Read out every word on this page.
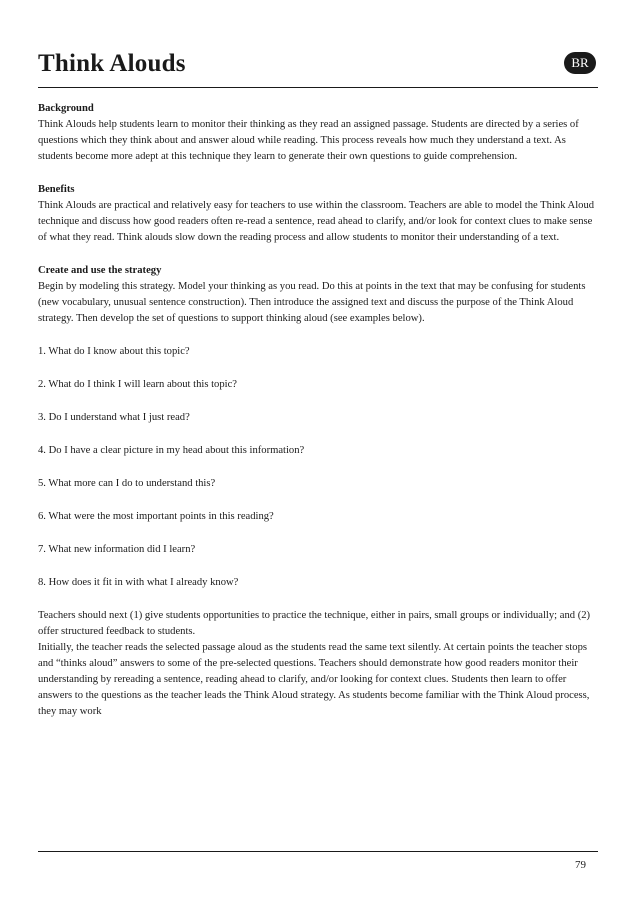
Think Alouds	BR

Background
Think Alouds help students learn to monitor their thinking as they read an assigned passage. Students are directed by a series of questions which they think about and answer aloud while reading. This process reveals how much they understand a text. As students become more adept at this technique they learn to generate their own questions to guide comprehension.

Benefits
Think Alouds are practical and relatively easy for teachers to use within the classroom. Teachers are able to model the Think Aloud technique and discuss how good readers often re-read a sentence, read ahead to clarify, and/or look for context clues to make sense of what they read. Think alouds slow down the reading process and allow students to monitor their understanding of a text.

Create and use the strategy
Begin by modeling this strategy. Model your thinking as you read. Do this at points in the text that may be confusing for students (new vocabulary, unusual sentence construction). Then introduce the assigned text and discuss the purpose of the Think Aloud strategy. Then develop the set of questions to support thinking aloud (see examples below).

1. What do I know about this topic?

2. What do I think I will learn about this topic?

3. Do I understand what I just read?

4. Do I have a clear picture in my head about this information?

5. What more can I do to understand this?

6. What were the most important points in this reading?

7. What new information did I learn?

8. How does it fit in with what I already know?

Teachers should next (1) give students opportunities to practice the technique, either in pairs, small groups or individually; and (2) offer structured feedback to students.
Initially, the teacher reads the selected passage aloud as the students read the same text silently. At certain points the teacher stops and “thinks aloud” answers to some of the pre-selected questions. Teachers should demonstrate how good readers monitor their understanding by rereading a sentence, reading ahead to clarify, and/or looking for context clues. Students then learn to offer answers to the questions as the teacher leads the Think Aloud strategy. As students become familiar with the Think Aloud process, they may work

79
